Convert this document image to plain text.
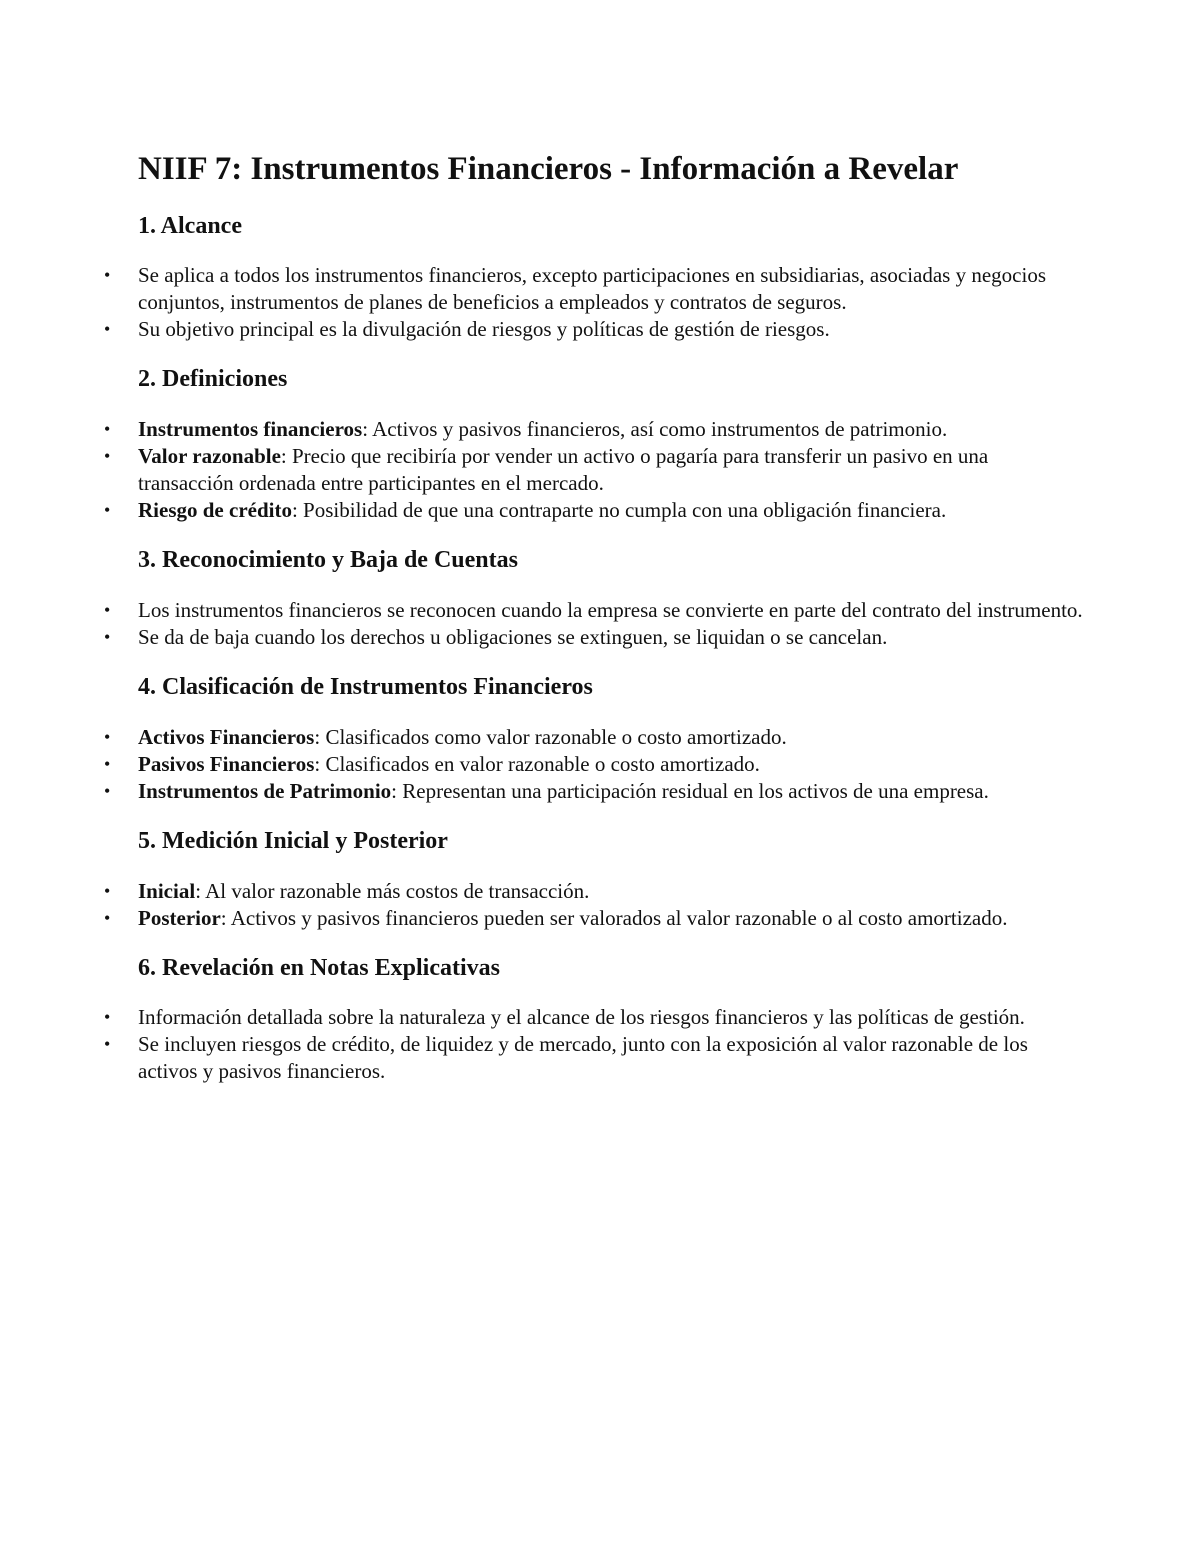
NIIF 7: Instrumentos Financieros - Información a Revelar
1. Alcance
• Se aplica a todos los instrumentos financieros, excepto participaciones en subsidiarias, asociadas y negocios conjuntos, instrumentos de planes de beneficios a empleados y contratos de seguros.
• Su objetivo principal es la divulgación de riesgos y políticas de gestión de riesgos.
2. Definiciones
• Instrumentos financieros: Activos y pasivos financieros, así como instrumentos de patrimonio.
• Valor razonable: Precio que recibiría por vender un activo o pagaría para transferir un pasivo en una transacción ordenada entre participantes en el mercado.
• Riesgo de crédito: Posibilidad de que una contraparte no cumpla con una obligación financiera.
3. Reconocimiento y Baja de Cuentas
• Los instrumentos financieros se reconocen cuando la empresa se convierte en parte del contrato del instrumento.
• Se da de baja cuando los derechos u obligaciones se extinguen, se liquidan o se cancelan.
4. Clasificación de Instrumentos Financieros
• Activos Financieros: Clasificados como valor razonable o costo amortizado.
• Pasivos Financieros: Clasificados en valor razonable o costo amortizado.
• Instrumentos de Patrimonio: Representan una participación residual en los activos de una empresa.
5. Medición Inicial y Posterior
• Inicial: Al valor razonable más costos de transacción.
• Posterior: Activos y pasivos financieros pueden ser valorados al valor razonable o al costo amortizado.
6. Revelación en Notas Explicativas
• Información detallada sobre la naturaleza y el alcance de los riesgos financieros y las políticas de gestión.
• Se incluyen riesgos de crédito, de liquidez y de mercado, junto con la exposición al valor razonable de los activos y pasivos financieros.
